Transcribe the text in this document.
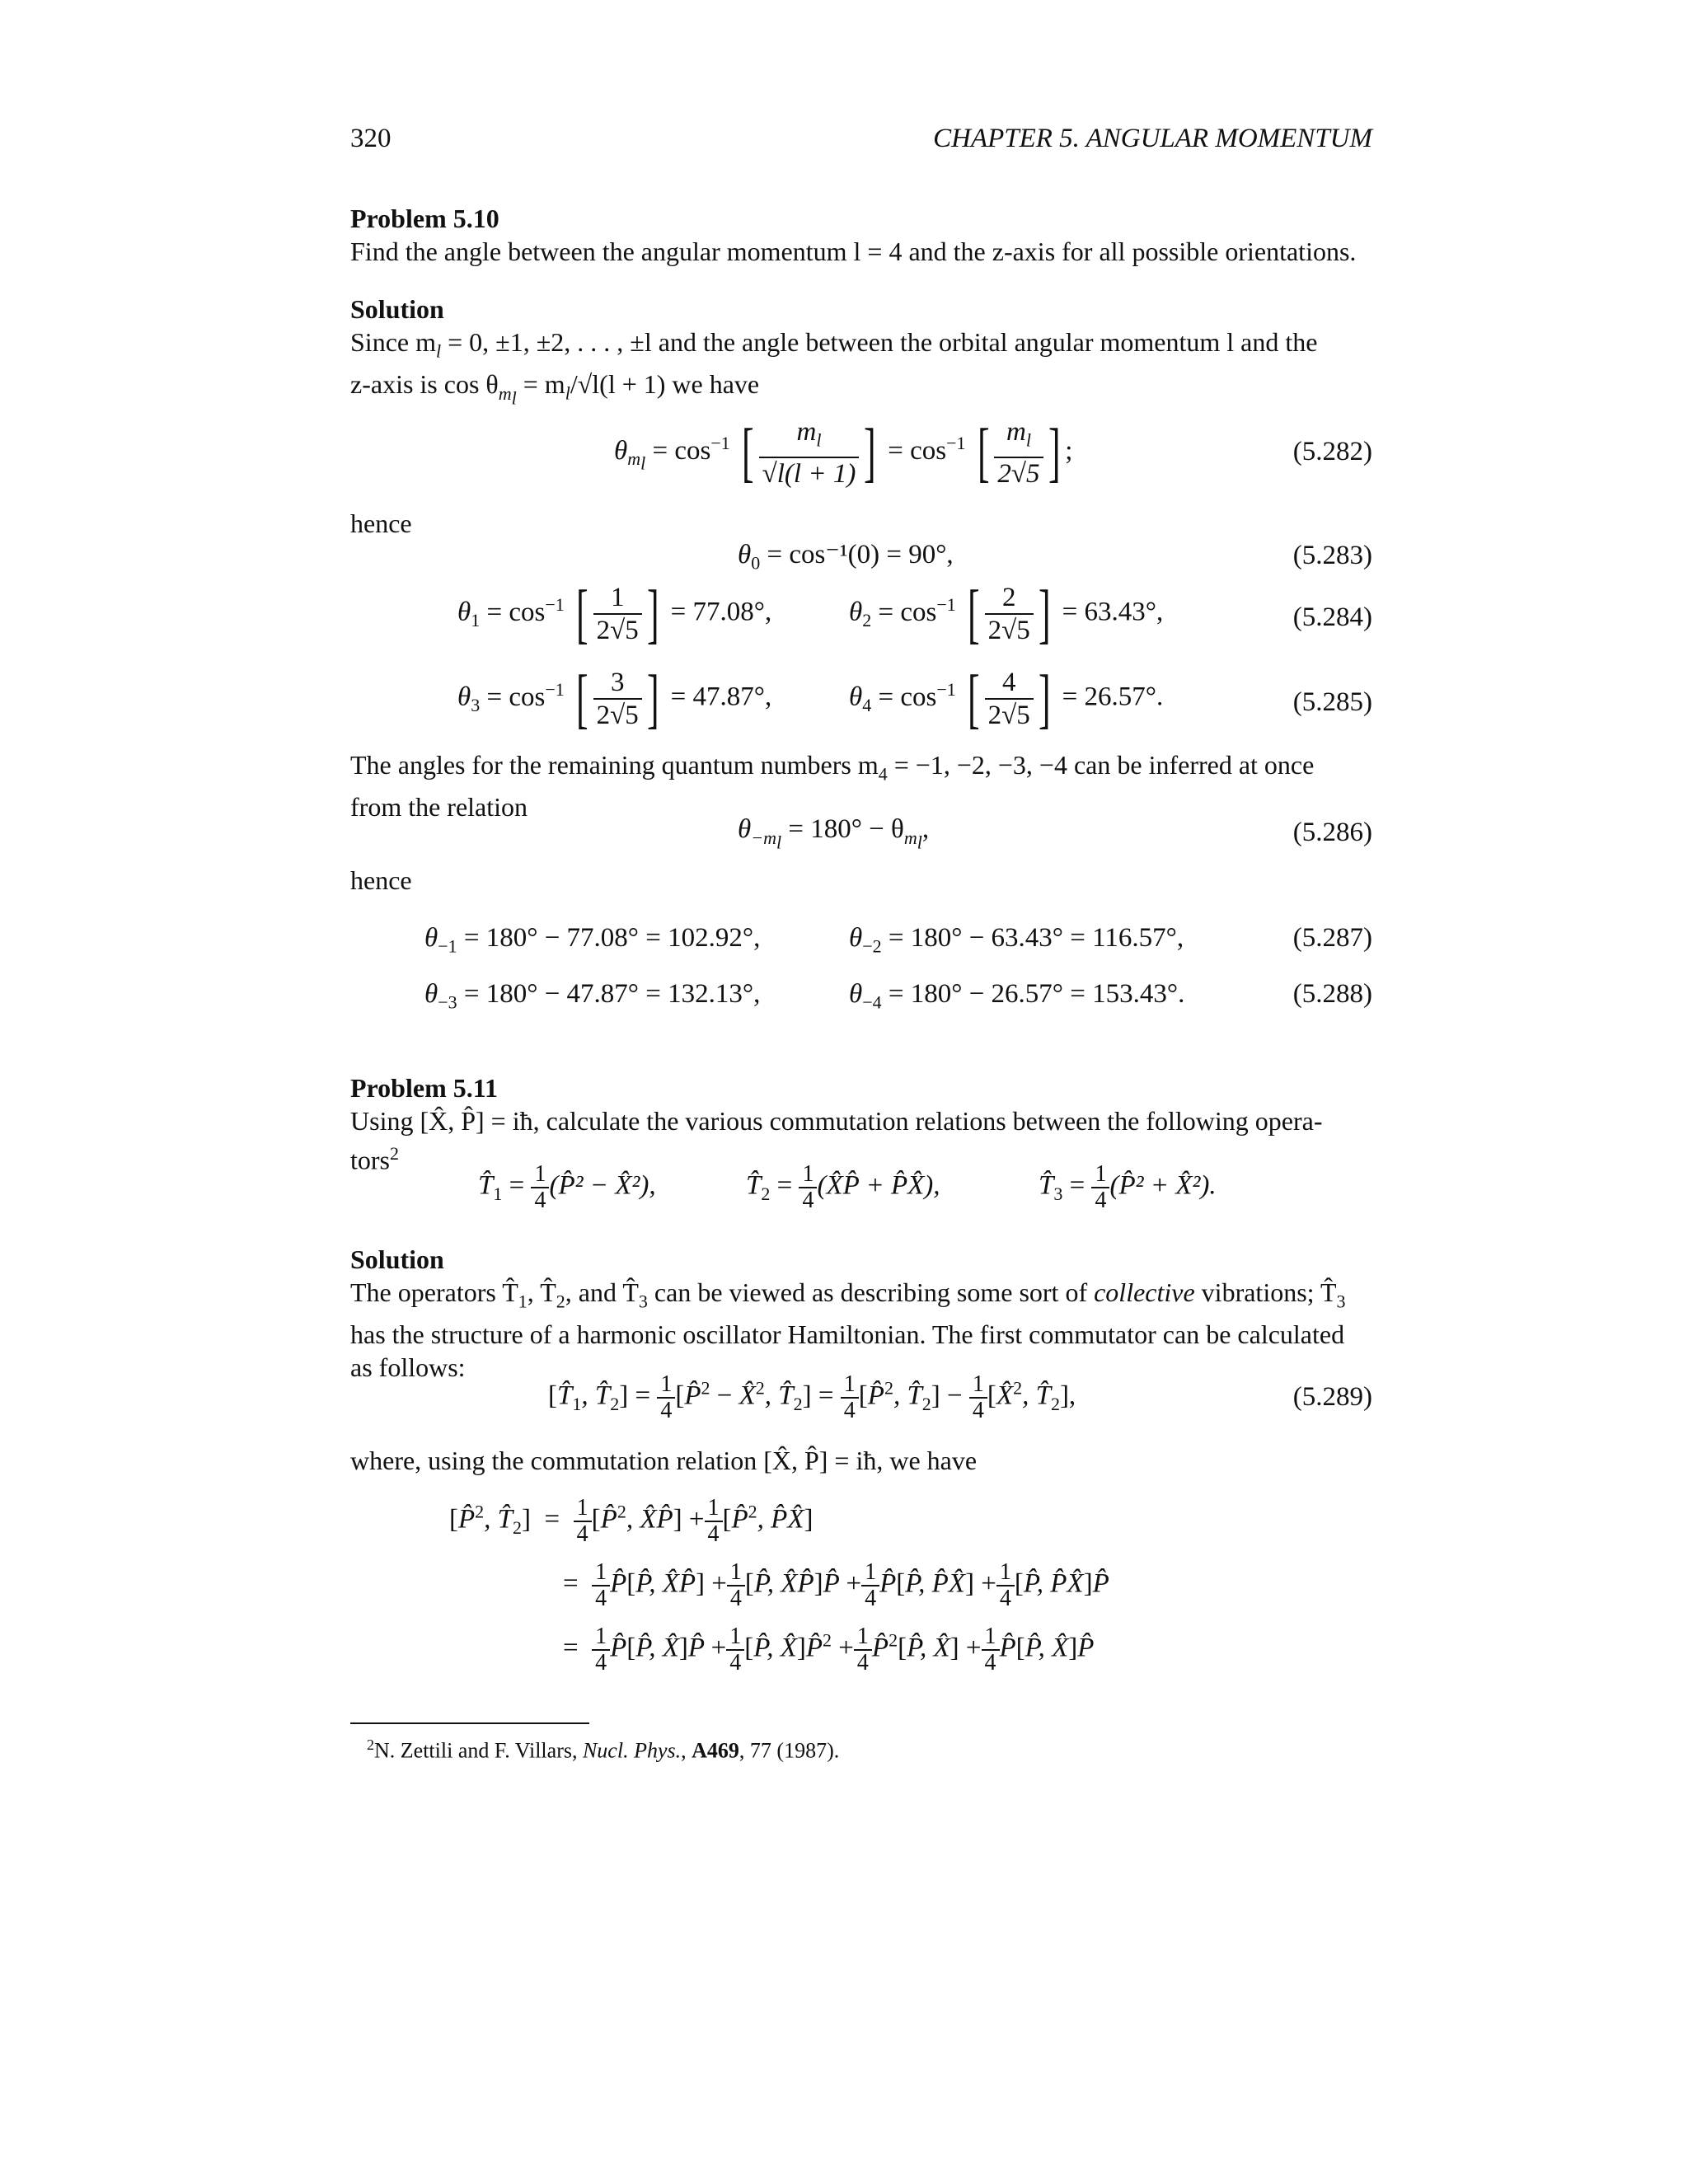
320	CHAPTER 5. ANGULAR MOMENTUM
Problem 5.10
Find the angle between the angular momentum l = 4 and the z-axis for all possible orientations.
Solution
Since $m_l = 0$, ±1, ±2, . . . , ±l and the angle between the orbital angular momentum l and the
z-axis is $\cos \theta_{m_l} = m_l/√l(l + 1)$ we have
$\theta_{m_l} = \cos^{-1}$ [ $\frac{m_l}{√l(l + 1)}$ ] = $\cos^{-1}$ [ $\frac{m_l}{2√5}$ ] ;	(5.282)
hence
$\theta_0 = \cos^{-1}(0) = 90^\circ$,	(5.283)
$\theta_1 = \cos^{-1}$ [ $\frac{1}{2√5}$ ] = 77.08°,	$\theta_2 = \cos^{-1}$ [ $\frac{2}{2√5}$ ] = 63.43°,	(5.284)
$\theta_3 = \cos^{-1}$ [ $\frac{3}{2√5}$ ] = 47.87°,	$\theta_4 = \cos^{-1}$ [ $\frac{4}{2√5}$ ] = 26.57°.	(5.285)
The angles for the remaining quantum numbers $m_4 = -1$, −2, −3, −4 can be inferred at once
from the relation
$\theta_{-m_l} = 180^\circ - \theta_{m_l}$,	(5.286)
hence
$\theta_{-1} = 180^\circ - 77.08^\circ = 102.92^\circ$,	$\theta_{-2} = 180^\circ - 63.43^\circ = 116.57^\circ$,	(5.287)
$\theta_{-3} = 180^\circ - 47.87^\circ = 132.13^\circ$,	$\theta_{-4} = 180^\circ - 26.57^\circ = 153.43^\circ$.	(5.288)
Problem 5.11
Using [X̂, P̂] = iħ, calculate the various commutation relations between the following opera-
tors$^2$
$T̂_1 = \frac{1}{4}$ (P̂² − X̂²),	$T̂_2 = \frac{1}{4}$ (X̂P̂ + P̂X̂),	$T̂_3 = \frac{1}{4}$ (P̂² + X̂²).
Solution
The operators $T̂_1$, $T̂_2$, and $T̂_3$ can be viewed as describing some sort of collective vibrations; $T̂_3$
has the structure of a harmonic oscillator Hamiltonian. The first commutator can be calculated
as follows:
[$T̂_1$, $T̂_2] = \frac{1}{4}$ [P̂$^2$ − X̂$^2$, $T̂_2] = \frac{1}{4}$ [P̂$^2$, $T̂_2] - \frac{1}{4}$ [X̂$^2$, $T̂_2$],	(5.289)
where, using the commutation relation [X̂, P̂] = iħ, we have
[P̂$^2$, $T̂_2] = \frac{1}{4}$ [P̂$^2$, X̂P̂] + $\frac{1}{4}$ [P̂$^2$, P̂X̂]
= $\frac{1}{4}$ P̂[P̂, X̂P̂] + $\frac{1}{4}$ [P̂, X̂P̂]P̂ + $\frac{1}{4}$ P̂[P̂, P̂X̂] + $\frac{1}{4}$ [P̂, P̂X̂]P̂
= $\frac{1}{4}$ P̂[P̂, X̂]P̂ + $\frac{1}{4}$ [P̂, X̂]P̂$^2$ + $\frac{1}{4}$ P̂$^2$[P̂, X̂] + $\frac{1}{4}$ P̂[P̂, X̂]P̂
$^2$N. Zettili and F. Villars, Nucl. Phys., A469, 77 (1987).
